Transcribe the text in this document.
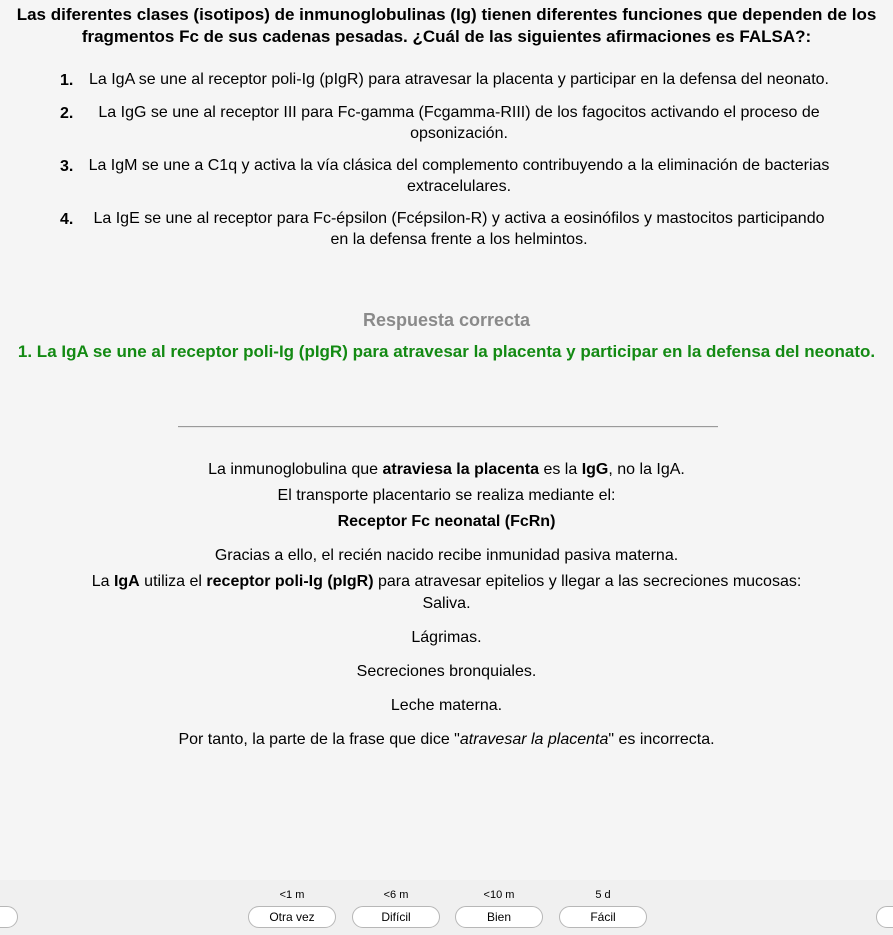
Las diferentes clases (isotipos) de inmunoglobulinas (Ig) tienen diferentes funciones que dependen de los fragmentos Fc de sus cadenas pesadas. ¿Cuál de las siguientes afirmaciones es FALSA?:

1. La IgA se une al receptor poli-Ig (pIgR) para atravesar la placenta y participar en la defensa del neonato.
2.	La IgG se une al receptor III para Fc-gamma (Fcgamma-RIII) de los fagocitos activando el proceso de opsonización.
3. La IgM se une a C1q y activa la vía clásica del complemento contribuyendo a la eliminación de bacterias extracelulares.
4.	La IgE se une al receptor para Fc-épsilon (Fcépsilon-R) y activa a eosinófilos y mastocitos participando en la defensa frente a los helmintos.
Respuesta correcta
1. La IgA se une al receptor poli-Ig (pIgR) para atravesar la placenta y participar en la defensa del neonato.

La inmunoglobulina que atraviesa la placenta es la IgG, no la IgA.

El transporte placentario se realiza mediante el:

Receptor Fc neonatal (FcRn)

Gracias a ello, el recién nacido recibe inmunidad pasiva materna.

La IgA utiliza el receptor poli-Ig (pIgR) para atravesar epitelios y llegar a las secreciones mucosas:

Saliva.

Lágrimas.

Secreciones bronquiales.

Leche materna.

Por tanto, la parte de la frase que dice "atravesar la placenta" es incorrecta.

<1 m
Otra vez
<6 m
Difícil
<10 m
Bien
5 d
Fácil
